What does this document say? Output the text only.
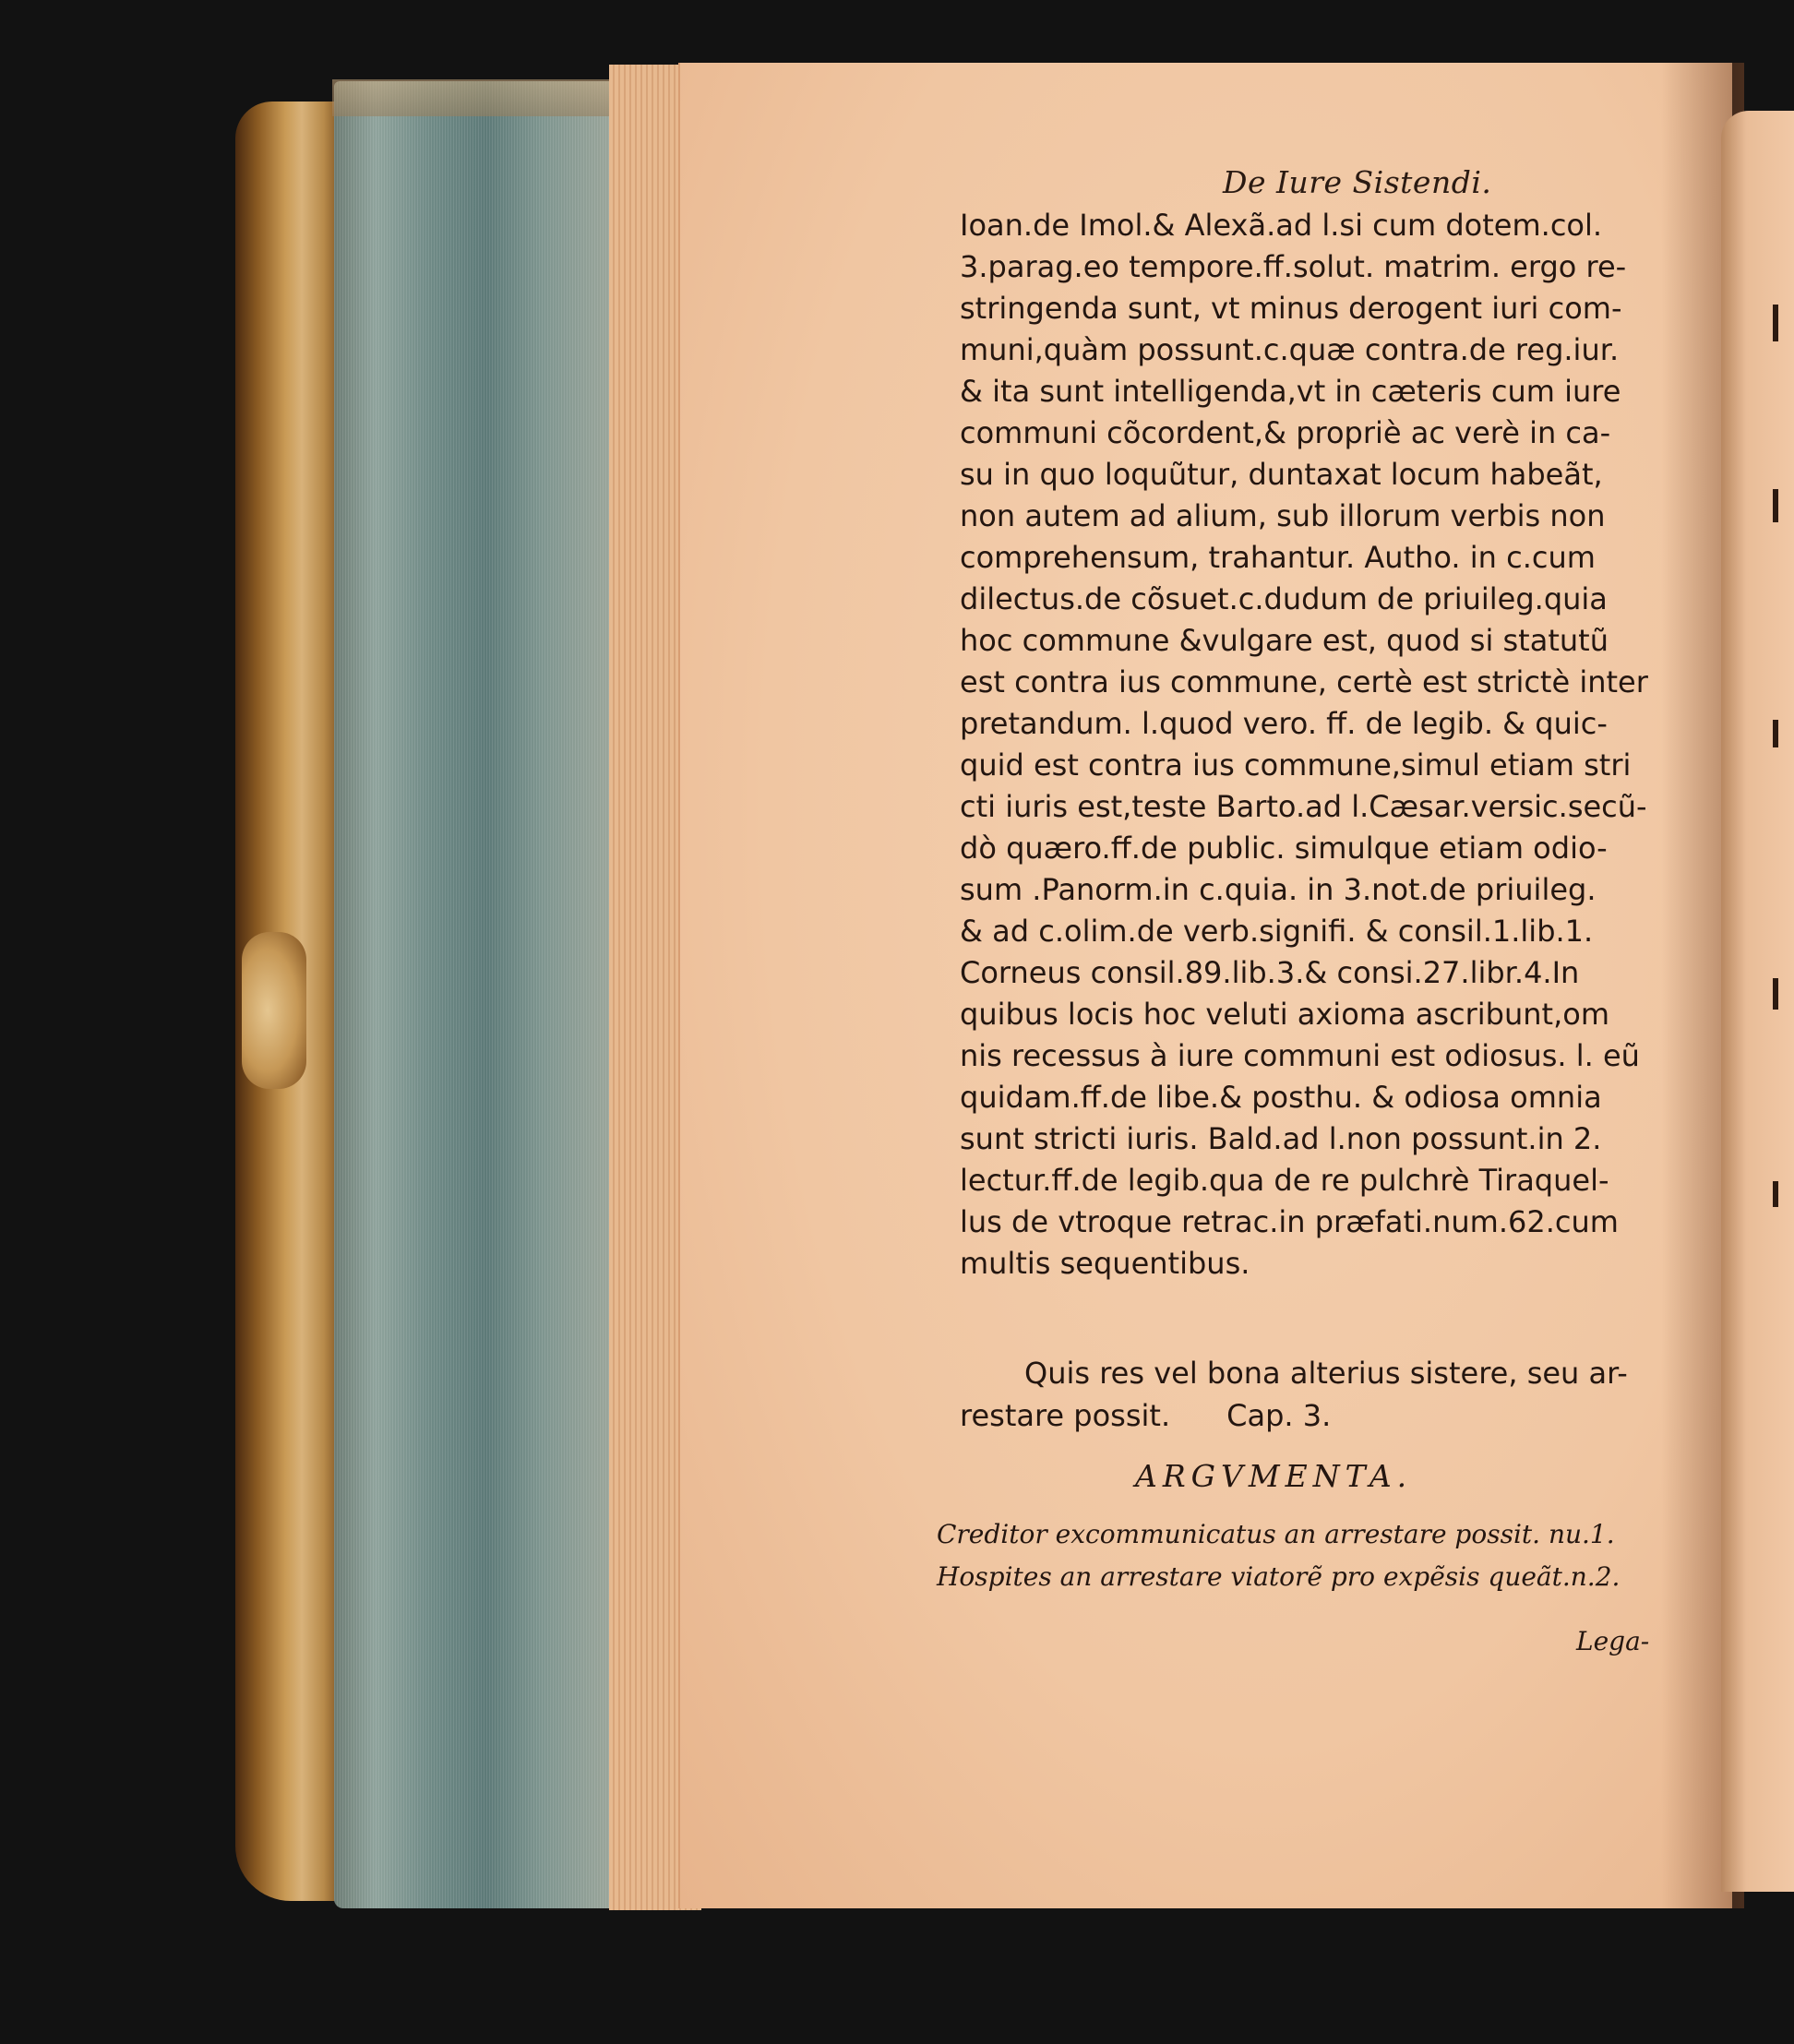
De Iure Sistendi.
Ioan.de Imol.& Alexã.ad l.si cum dotem.col.
3.parag.eo tempore.ff.solut. matrim. ergo re-
stringenda sunt, vt minus derogent iuri com-
muni,quàm possunt.c.quæ contra.de reg.iur.
& ita sunt intelligenda,vt in cæteris cum iure
communi cõcordent,& propriè ac verè in ca-
su in quo loquũtur, duntaxat locum habeãt,
non autem ad alium, sub illorum verbis non
comprehensum, trahantur. Autho. in c.cum
dilectus.de cõsuet.c.dudum de priuileg.quia
hoc commune &vulgare est, quod si statutũ
est contra ius commune, certè est strictè inter
pretandum. l.quod vero. ff. de legib. & quic-
quid est contra ius commune,simul etiam stri
cti iuris est,teste Barto.ad l.Cæsar.versic.secũ-
dò quæro.ff.de public. simulque etiam odio-
sum .Panorm.in c.quia. in 3.not.de priuileg.
& ad c.olim.de verb.signifi. & consil.1.lib.1.
Corneus consil.89.lib.3.& consi.27.libr.4.In
quibus locis hoc veluti axioma ascribunt,om
nis recessus à iure communi est odiosus. l. eũ
quidam.ff.de libe.& posthu. & odiosa omnia
sunt stricti iuris. Bald.ad l.non possunt.in 2.
lectur.ff.de legib.qua de re pulchrè Tiraquel-
lus de vtroque retrac.in præfati.num.62.cum
multis sequentibus.
Quis res vel bona alterius sistere, seu ar-
restare possit.      Cap. 3.
ARGVMENTA.
Creditor excommunicatus an arrestare possit. nu.1.
Hospites an arrestare viatorẽ pro expẽsis queãt.n.2.
Lega-
